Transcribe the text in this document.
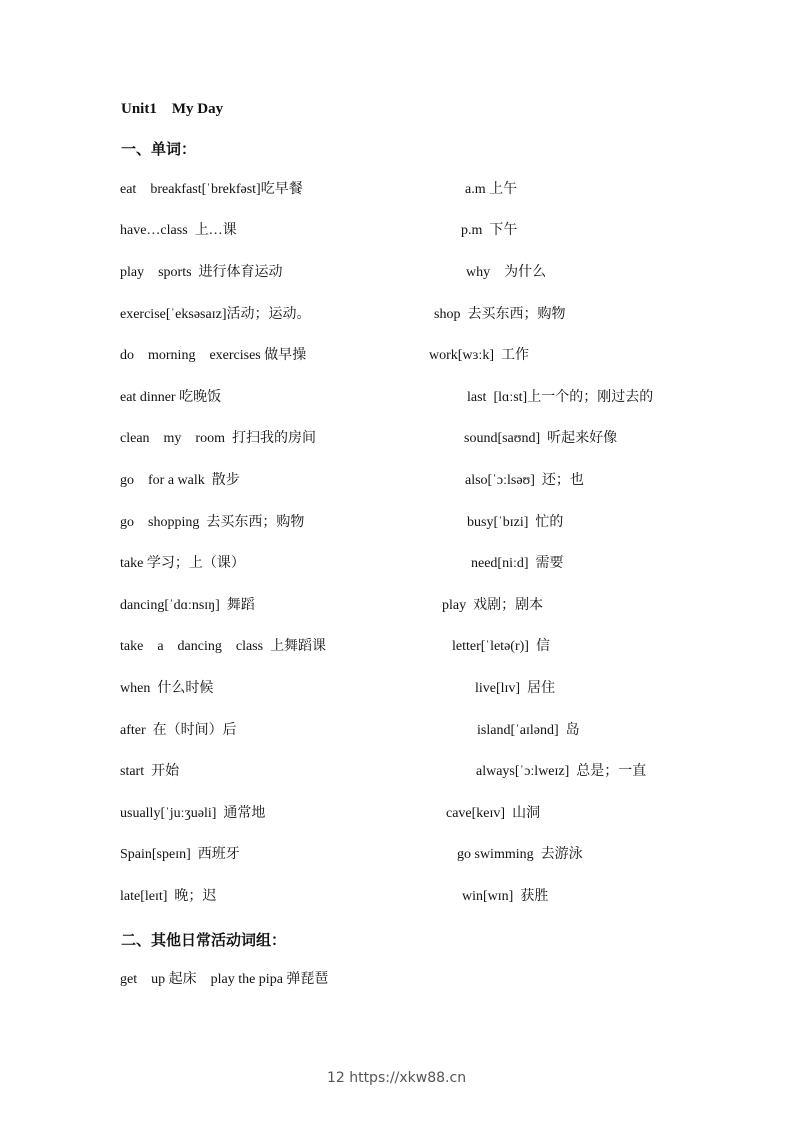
Unit1    My Day
一、单词：
eat    breakfast[ˈbrekfəst]吃早餐	a.m 上午
have…class  上…课	p.m  下午
play    sports  进行体育运动	why    为什么
exercise[ˈeksəsaɪz]活动；运动。	shop  去买东西；购物
do    morning    exercises 做早操	work[wɜːk]  工作
eat dinner 吃晚饭	last  [lɑːst]上一个的；刚过去的
clean    my    room  打扫我的房间	sound[saʊnd]  听起来好像
go    for a walk  散步	also[ˈɔːlsəʊ]  还；也
go    shopping  去买东西；购物	busy[ˈbɪzi]  忙的
take 学习；上（课）	need[niːd]  需要
dancing[ˈdɑːnsɪŋ]  舞蹈	play  戏剧；剧本
take    a    dancing    class  上舞蹈课	letter[ˈletə(r)]  信
when  什么时候	live[lɪv]  居住
after  在（时间）后	island[ˈaɪlənd]  岛
start  开始	always[ˈɔːlweɪz]  总是；一直
usually[ˈjuːʒuəli]  通常地	cave[keɪv]  山洞
Spain[speɪn]  西班牙	go swimming  去游泳
late[leɪt]  晚；迟	win[wɪn]  获胜
二、其他日常活动词组：
get    up 起床    play the pipa 弹琵琶
12 https://xkw88.cn
